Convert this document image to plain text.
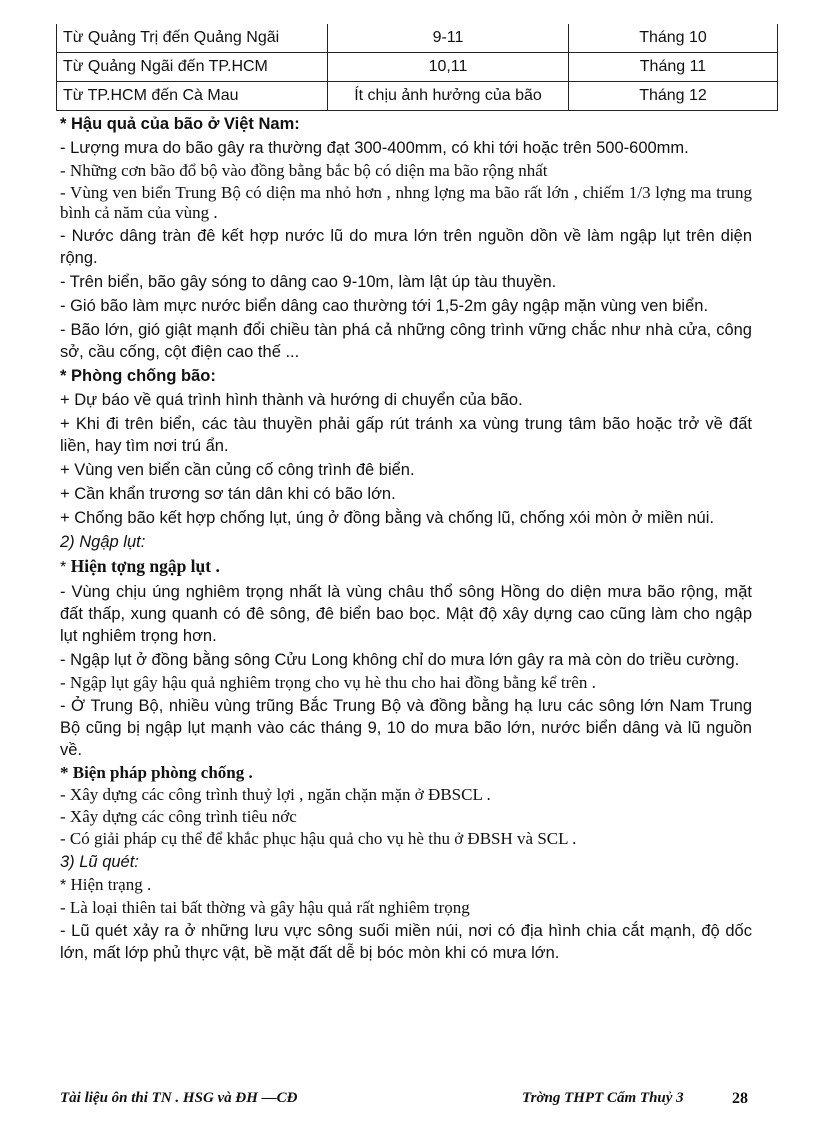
Từ Quảng Trị đến Quảng Ngãi	9-11	Tháng 10
Từ Quảng Ngãi đến TP.HCM	10,11	Tháng 11
Từ TP.HCM đến Cà Mau	Ít chịu ảnh hưởng của bão	Tháng 12

* Hậu quả của bão ở Việt Nam:

- Lượng mưa do bão gây ra thường đạt 300-400mm, có khi tới hoặc trên 500-600mm.

- Những cơn bão đổ bộ vào đồng bằng bắc bộ có diện ma bão rộng nhất

- Vùng ven biển Trung Bộ có diện ma nhỏ hơn , nhng lợng ma bão rất lớn , chiếm 1/3 lợng ma trung bình cả năm của vùng .

- Nước dâng tràn đê kết hợp nước lũ do mưa lớn trên nguồn dồn về làm ngập lụt trên diện rộng.

- Trên biển, bão gây sóng to dâng cao 9-10m, làm lật úp tàu thuyền.

- Gió bão làm mực nước biển dâng cao thường tới 1,5-2m gây ngập mặn vùng ven biển.

- Bão lớn, gió giật mạnh đổi chiều tàn phá cả những công trình vững chắc như nhà cửa, công sở, cầu cống, cột điện cao thế ...

* Phòng chống bão:

+ Dự báo về quá trình hình thành và hướng di chuyển của bão.

+ Khi đi trên biển, các tàu thuyền phải gấp rút tránh xa vùng trung tâm bão hoặc trở về đất liền, hay tìm nơi trú ẩn.

+ Vùng ven biển cần củng cố công trình đê biển.

+ Cần khẩn trương sơ tán dân khi có bão lớn.

+ Chống bão kết hợp chống lụt, úng ở đồng bằng và chống lũ, chống xói mòn ở miền núi.

2) Ngập lụt:

* Hiện tợng ngập lụt .

- Vùng chịu úng nghiêm trọng nhất là vùng châu thổ sông Hồng do diện mưa bão rộng, mặt đất thấp, xung quanh có đê sông, đê biển bao bọc. Mật độ xây dựng cao cũng làm cho ngập lụt nghiêm trọng hơn.

- Ngập lụt ở đồng bằng sông Cửu Long không chỉ do mưa lớn gây ra mà còn do triều cường.

- Ngập lụt gây hậu quả nghiêm trọng cho vụ hè thu cho hai đồng bằng kể trên .

- Ở Trung Bộ, nhiều vùng trũng Bắc Trung Bộ và đồng bằng hạ lưu các sông lớn Nam Trung Bộ cũng bị ngập lụt mạnh vào các tháng 9, 10 do mưa bão lớn, nước biển dâng và lũ nguồn về.

* Biện pháp phòng chống .

- Xây dựng các công trình thuỷ lợi , ngăn chặn mặn ở ĐBSCL .

- Xây dựng các công trình tiêu nớc

- Có giải pháp cụ thể để khắc phục hậu quả cho vụ hè thu ở ĐBSH và SCL .

3) Lũ quét:

* Hiện trạng .

- Là loại thiên tai bất thờng và gây hậu quả rất nghiêm trọng

- Lũ quét xảy ra ở những lưu vực sông suối miền núi, nơi có địa hình chia cắt mạnh, độ dốc lớn, mất lớp phủ thực vật, bề mặt đất dễ bị bóc mòn khi có mưa lớn.

Tài liệu ôn thi TN . HSG và ĐH —CĐ	Trờng THPT Cẩm Thuỷ 3	28
